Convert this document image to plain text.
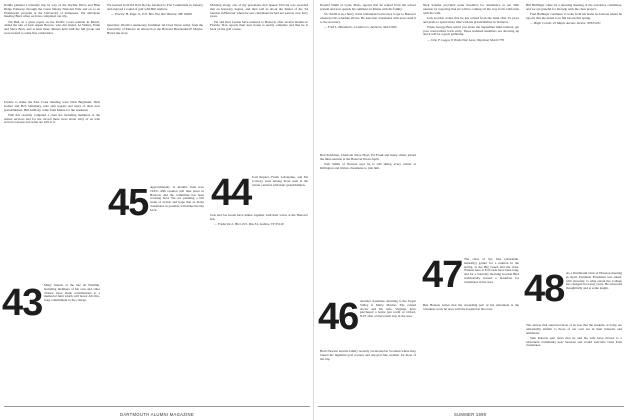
Kathie planned a leisurely trip by way of the Skyline Drive and Blue Ridge Parkway, through the Great Smoky National Park and on to an Elderhostel program at the University of Tennessee. We anticipate meeting Bezz when we have completed our trip.

Sid Bell, in a great report on the Pacific Coast reunion in March, added the tale of Jack Aspen Bowen, who did attend, Al Sidney, Ernie and Steve Bern, and at least three dinners held with the full group and were treated to some fine celebration.

Unable to make the East Coast meeting were Dick Bugbaum, Dick Gelber and Bob Sainsbury, who sent regrets and news of their new grandchildren. Bill Anthony came from Maine for the weekend.

Walt has recently compiled a class list including members of the armed services and for the record there were about sixty of us who served overseas and some are still at it.

43 Many friends of the late Al Winship, including members of his own and other classes, have made contributions to a memorial fund which will honor Al's life-long commitment to the college.

We learned from Ed Roll that he traveled to Fort Lauderdale in January and enjoyed a round of golf with Bill Andrew.

— Proctor H. Page Jr., P.O. Box 594, Bar Harbor, ME 04609

Question: Would a reunionary freshman '44 Class Notes writer from the University of Mexico be allowed on the Harvard Bicentennial? Maybe. Here's the story.

44

Morning along, one of my pen-mates that Queen Victoria was awarded that an honorary degree, and then told us about the dinner of the '44 reunion in Hanover where he saw classmates he had not seen in over forty years.

Pat and Don Cearne have returned to Hanover after several months in Florida; Don reports their new house is nearly complete and that he is back on the golf course.

Gail Rayner, Frank Lafontaine, and Pat Conway were among those seen at the winter carnival with their grandchildren.

Jack and Joe Green have dinner together with their wives at the Hanover Inn.

— Frederick L. Hier, P.O. Box 34, Ludlow, VT 05149

DARTMOUTH ALUMNI MAGAZINE

Donald Smith of Lynn, Mass. reports that he retired from the school system and now spends his summers in Maine with his family.

Vic Smith is in a hurry in his retirement but he tries to get to Hanover whenever his schedule allows. He asks that classmates with news send it to the secretary.

— Fred L. Heimbach, 24 Allen Ln, Amherst, MA 01002

46 Another classmate returning to the Upper Valley is Marty Marino. The retired doctor and his wife, Virginia, have purchased a home just north of Orford, N.H. after a brief rental stay in the area.

Bob Pearlman, Charlotte Steve Hoyt, Ed Foulk and many others joined the mini-reunion at the Hanover Inn in April.

Tom Smith of Newton says he is still skiing every winter at Killington and invites classmates to join him.

Herb Newton and his family recently vacationed in Scotland where they toured the highland golf courses and enjoyed fine weather for most of the trip.

Nick Sandler provided some incentive for attendance at our 50th reunion by reporting that he will be coming all the way from California with his wife.

Jack Gordon writes that he has retired from the bank after 35 years and plans to spend more time with his grandchildren in Vermont.

When George Bart writes you about the September mini-reunion, get your reservations back early. Three hundred members are showing up and it will be a great gathering.

— John F. Leggo, 8 Timberline Lane, Wayland, MA 01778

47 The class of the fine (aftermath, naturally) gather for a reunion in the spring, at the Big Green and the class. Winters here at Ed Leeds have been long, and for a Saturday morning Gordon Bird traditionally hosted a breakfast for classmates in the area.

Ben Hanson writes that the rewarding part of his retirement is the volunteer work he does with the hospital in his town.

Bill Hullinger came for a morning meeting of the executive committee, and we are grateful for his help with the class project.

Fred Hallinger continues to write from his home in Arizona where he reports that the desert is in full bloom this spring.

— Hugh Cronin, 45 Maple Avenue, Keene, NH 03431

48 As a Dartmouth Club of Houston meeting in April, President Freedman was asked, with sincerity, to what extent the College has changed in twenty years. He answered thoughtfully and at some length.

The answer that surprised most of us was that the students of today are remarkably similar to those of our own era in their interests and ambitions.

Sam Roberts sent news that he and his wife have moved to a retirement community near Sarasota and would welcome visits from classmates.

SUMMER 1990
45 Approximately 11 months from now 1945's 45th reunion will take place in Hanover and the committee has been working hard. We are planning a full week of events and hope that as many classmates as possible will make the trip back.
